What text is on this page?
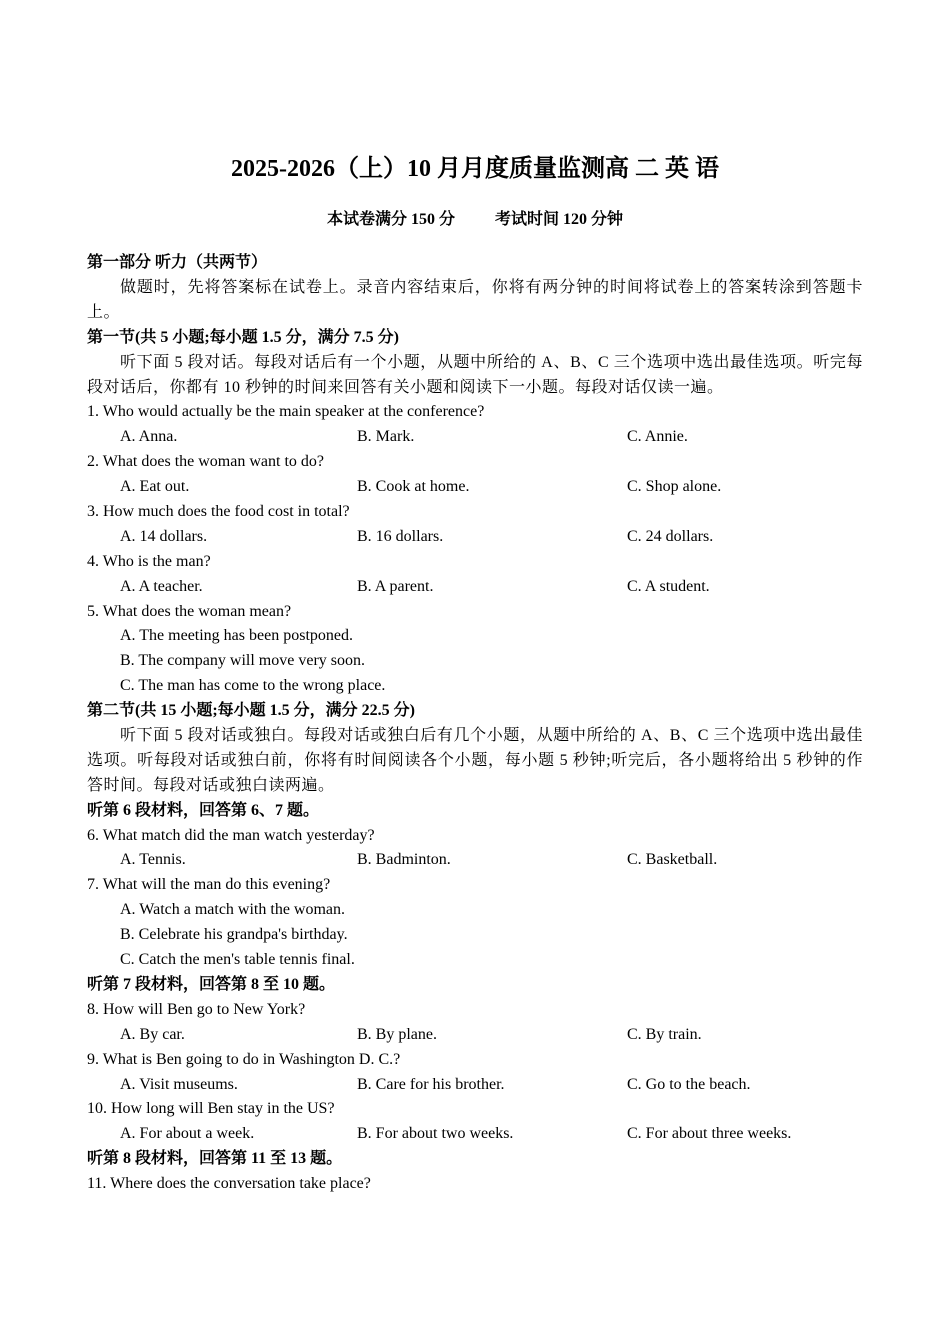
2025-2026（上）10 月月度质量监测高 二 英 语
本试卷满分 150 分	考试时间 120 分钟
第一部分 听力（共两节）
做题时，先将答案标在试卷上。录音内容结束后，你将有两分钟的时间将试卷上的答案转涂到答题卡上。
第一节(共 5 小题;每小题 1.5 分，满分 7.5 分)
听下面 5 段对话。每段对话后有一个小题，从题中所给的 A、B、C 三个选项中选出最佳选项。听完每段对话后，你都有 10 秒钟的时间来回答有关小题和阅读下一小题。每段对话仅读一遍。
1. Who would actually be the main speaker at the conference?
A. Anna.	B. Mark.	C. Annie.
2. What does the woman want to do?
A. Eat out.	B. Cook at home.	C. Shop alone.
3. How much does the food cost in total?
A. 14 dollars.	B. 16 dollars.	C. 24 dollars.
4. Who is the man?
A. A teacher.	B. A parent.	C. A student.
5. What does the woman mean?
A. The meeting has been postponed.
B. The company will move very soon.
C. The man has come to the wrong place.
第二节(共 15 小题;每小题 1.5 分，满分 22.5 分)
听下面 5 段对话或独白。每段对话或独白后有几个小题，从题中所给的 A、B、C 三个选项中选出最佳选项。听每段对话或独白前，你将有时间阅读各个小题，每小题 5 秒钟;听完后，各小题将给出 5 秒钟的作答时间。每段对话或独白读两遍。
听第 6 段材料，回答第 6、7 题。
6. What match did the man watch yesterday?
A. Tennis.	B. Badminton.	C. Basketball.
7. What will the man do this evening?
A. Watch a match with the woman.
B. Celebrate his grandpa's birthday.
C. Catch the men's table tennis final.
听第 7 段材料，回答第 8 至 10 题。
8. How will Ben go to New York?
A. By car.	B. By plane.	C. By train.
9. What is Ben going to do in Washington D. C.?
A. Visit museums.	B. Care for his brother.	C. Go to the beach.
10. How long will Ben stay in the US?
A. For about a week.	B. For about two weeks.	C. For about three weeks.
听第 8 段材料，回答第 11 至 13 题。
11. Where does the conversation take place?
